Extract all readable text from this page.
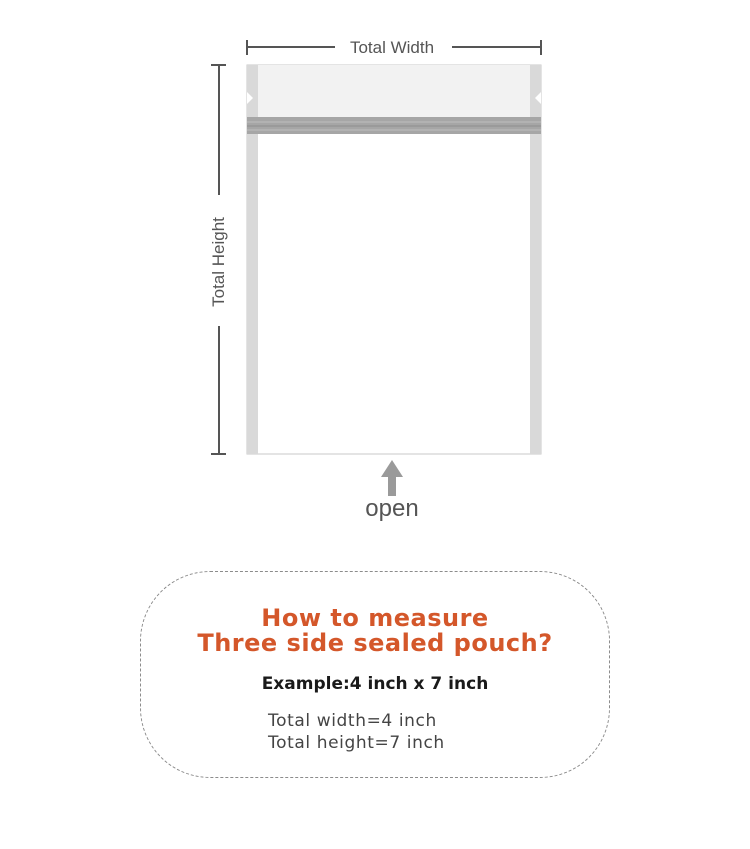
Total Width
Total Height
open
How to measure
Three side sealed pouch?
Example:4 inch x 7 inch
Total width=4 inch
Total height=7 inch
